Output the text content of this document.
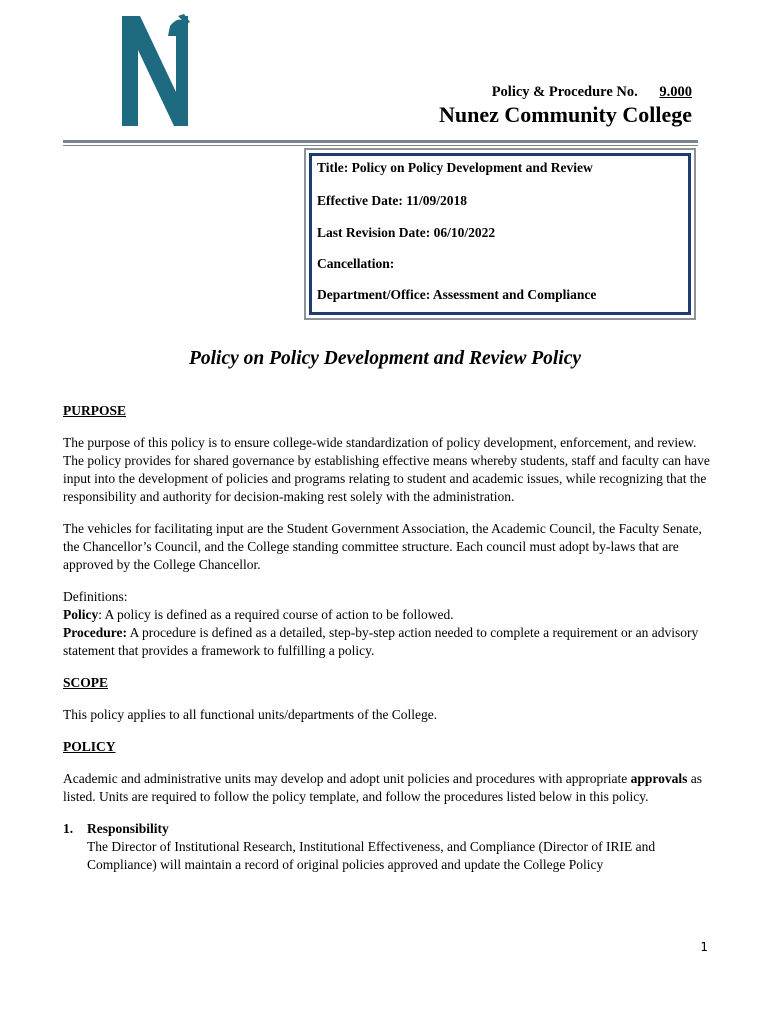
Policy & Procedure No. 9.000
Nunez Community College
Title: Policy on Policy Development and Review
Effective Date: 11/09/2018
Last Revision Date: 06/10/2022
Cancellation:
Department/Office: Assessment and Compliance
Policy on Policy Development and Review Policy
PURPOSE

The purpose of this policy is to ensure college-wide standardization of policy development, enforcement, and review. The policy provides for shared governance by establishing effective means whereby students, staff and faculty can have input into the development of policies and programs relating to student and academic issues, while recognizing that the responsibility and authority for decision-making rest solely with the administration.

The vehicles for facilitating input are the Student Government Association, the Academic Council, the Faculty Senate, the Chancellor’s Council, and the College standing committee structure. Each council must adopt by-laws that are approved by the College Chancellor.

Definitions:

Policy: A policy is defined as a required course of action to be followed.

Procedure: A procedure is defined as a detailed, step-by-step action needed to complete a requirement or an advisory statement that provides a framework to fulfilling a policy.

SCOPE

This policy applies to all functional units/departments of the College.

POLICY

Academic and administrative units may develop and adopt unit policies and procedures with appropriate approvals as listed. Units are required to follow the policy template, and follow the procedures listed below in this policy.

1. Responsibility
The Director of Institutional Research, Institutional Effectiveness, and Compliance (Director of IRIE and Compliance) will maintain a record of original policies approved and update the College Policy
1
